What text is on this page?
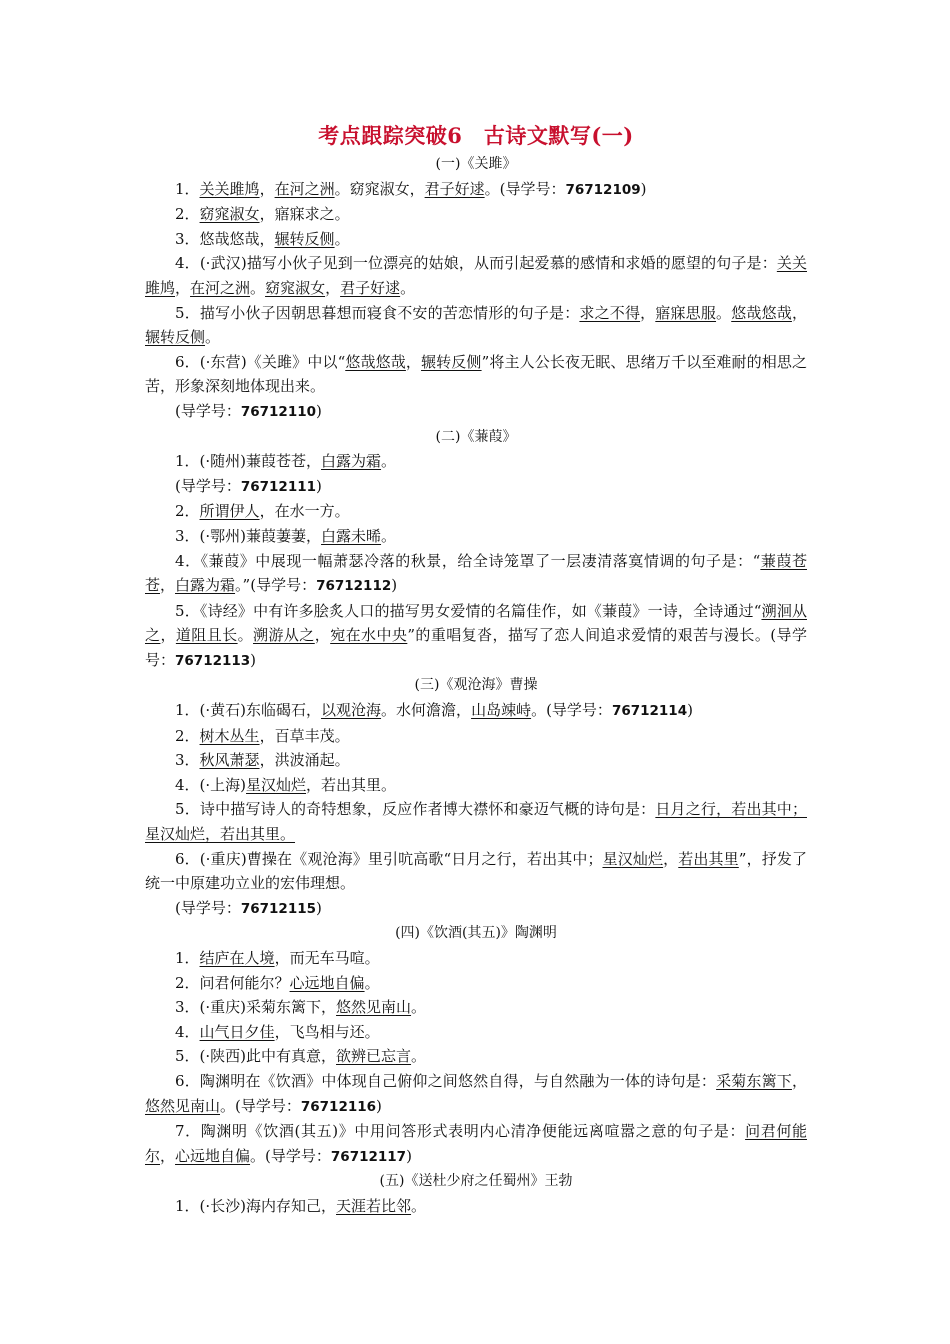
考点跟踪突破6　古诗文默写(一)
(一)《关雎》

1．关关雎鸠，在河之洲。窈窕淑女，君子好逑。(导学号：76712109)

2．窈窕淑女，寤寐求之。

3．悠哉悠哉，辗转反侧。

4．(·武汉)描写小伙子见到一位漂亮的姑娘，从而引起爱慕的感情和求婚的愿望的句子是：关关雎鸠，在河之洲。窈窕淑女，君子好逑。

5．描写小伙子因朝思暮想而寝食不安的苦恋情形的句子是：求之不得，寤寐思服。悠哉悠哉，辗转反侧。

6．(·东营)《关雎》中以“悠哉悠哉，辗转反侧”将主人公长夜无眠、思绪万千以至难耐的相思之苦，形象深刻地体现出来。

(导学号：76712110)

(二)《蒹葭》

1．(·随州)蒹葭苍苍，白露为霜。

(导学号：76712111)

2．所谓伊人，在水一方。

3．(·鄂州)蒹葭萋萋，白露未晞。

4．《蒹葭》中展现一幅萧瑟冷落的秋景，给全诗笼罩了一层凄清落寞情调的句子是：“蒹葭苍苍，白露为霜。”(导学号：76712112)

5．《诗经》中有许多脍炙人口的描写男女爱情的名篇佳作，如《蒹葭》一诗，全诗通过“溯洄从之，道阻且长。溯游从之，宛在水中央”的重唱复沓，描写了恋人间追求爱情的艰苦与漫长。(导学号：76712113)

(三)《观沧海》曹操

1．(·黄石)东临碣石，以观沧海。水何澹澹，山岛竦峙。(导学号：76712114)

2．树木丛生，百草丰茂。

3．秋风萧瑟，洪波涌起。

4．(·上海)星汉灿烂，若出其里。

5．诗中描写诗人的奇特想象，反应作者博大襟怀和豪迈气概的诗句是：日月之行，若出其中；星汉灿烂，若出其里。

6．(·重庆)曹操在《观沧海》里引吭高歌“日月之行，若出其中；星汉灿烂，若出其里”，抒发了统一中原建功立业的宏伟理想。

(导学号：76712115)

(四)《饮酒(其五)》陶渊明

1．结庐在人境，而无车马喧。

2．问君何能尔？心远地自偏。

3．(·重庆)采菊东篱下，悠然见南山。

4．山气日夕佳，飞鸟相与还。

5．(·陕西)此中有真意，欲辨已忘言。

6．陶渊明在《饮酒》中体现自己俯仰之间悠然自得，与自然融为一体的诗句是：采菊东篱下，悠然见南山。(导学号：76712116)

7．陶渊明《饮酒(其五)》中用问答形式表明内心清净便能远离喧嚣之意的句子是：问君何能尔，心远地自偏。(导学号：76712117)

(五)《送杜少府之任蜀州》王勃

1．(·长沙)海内存知己，天涯若比邻。
